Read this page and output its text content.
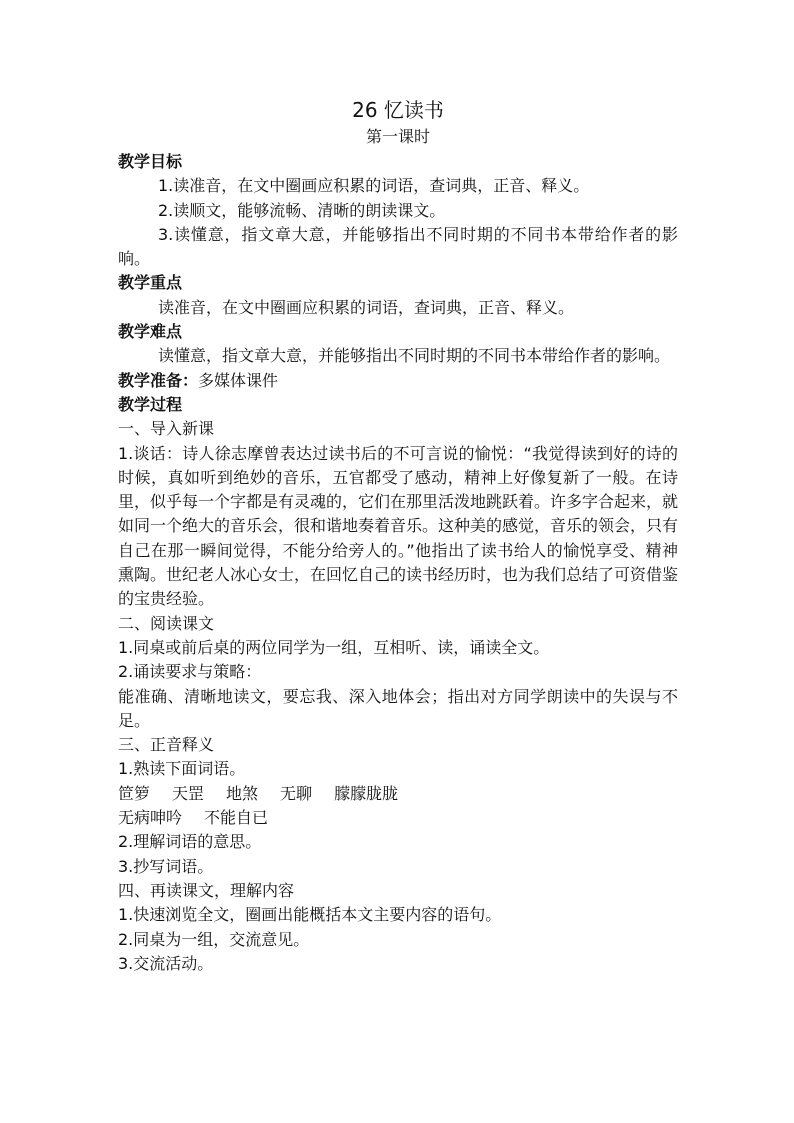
26 忆读书
第一课时

教学目标

1.读准音，在文中圈画应积累的词语，查词典，正音、释义。

2.读顺文，能够流畅、清晰的朗读课文。

3.读懂意，指文章大意，并能够指出不同时期的不同书本带给作者的影响。

教学重点

读准音，在文中圈画应积累的词语，查词典，正音、释义。

教学难点

读懂意，指文章大意，并能够指出不同时期的不同书本带给作者的影响。

教学准备：多媒体课件

教学过程

一、导入新课

1.谈话：诗人徐志摩曾表达过读书后的不可言说的愉悦：“我觉得读到好的诗的时候，真如听到绝妙的音乐，五官都受了感动，精神上好像复新了一般。在诗里，似乎每一个字都是有灵魂的，它们在那里活泼地跳跃着。许多字合起来，就如同一个绝大的音乐会，很和谐地奏着音乐。这种美的感觉，音乐的领会，只有自己在那一瞬间觉得，不能分给旁人的。”他指出了读书给人的愉悦享受、精神熏陶。世纪老人冰心女士，在回忆自己的读书经历时，也为我们总结了可资借鉴的宝贵经验。

二、阅读课文

1.同桌或前后桌的两位同学为一组，互相听、读，诵读全文。

2.诵读要求与策略：

能准确、清晰地读文，要忘我、深入地体会；指出对方同学朗读中的失误与不足。

三、正音释义

1.熟读下面词语。

笸箩 天罡 地煞 无聊 朦朦胧胧

无病呻吟 不能自已

2.理解词语的意思。

3.抄写词语。

四、再读课文，理解内容

1.快速浏览全文，圈画出能概括本文主要内容的语句。

2.同桌为一组，交流意见。

3.交流活动。
